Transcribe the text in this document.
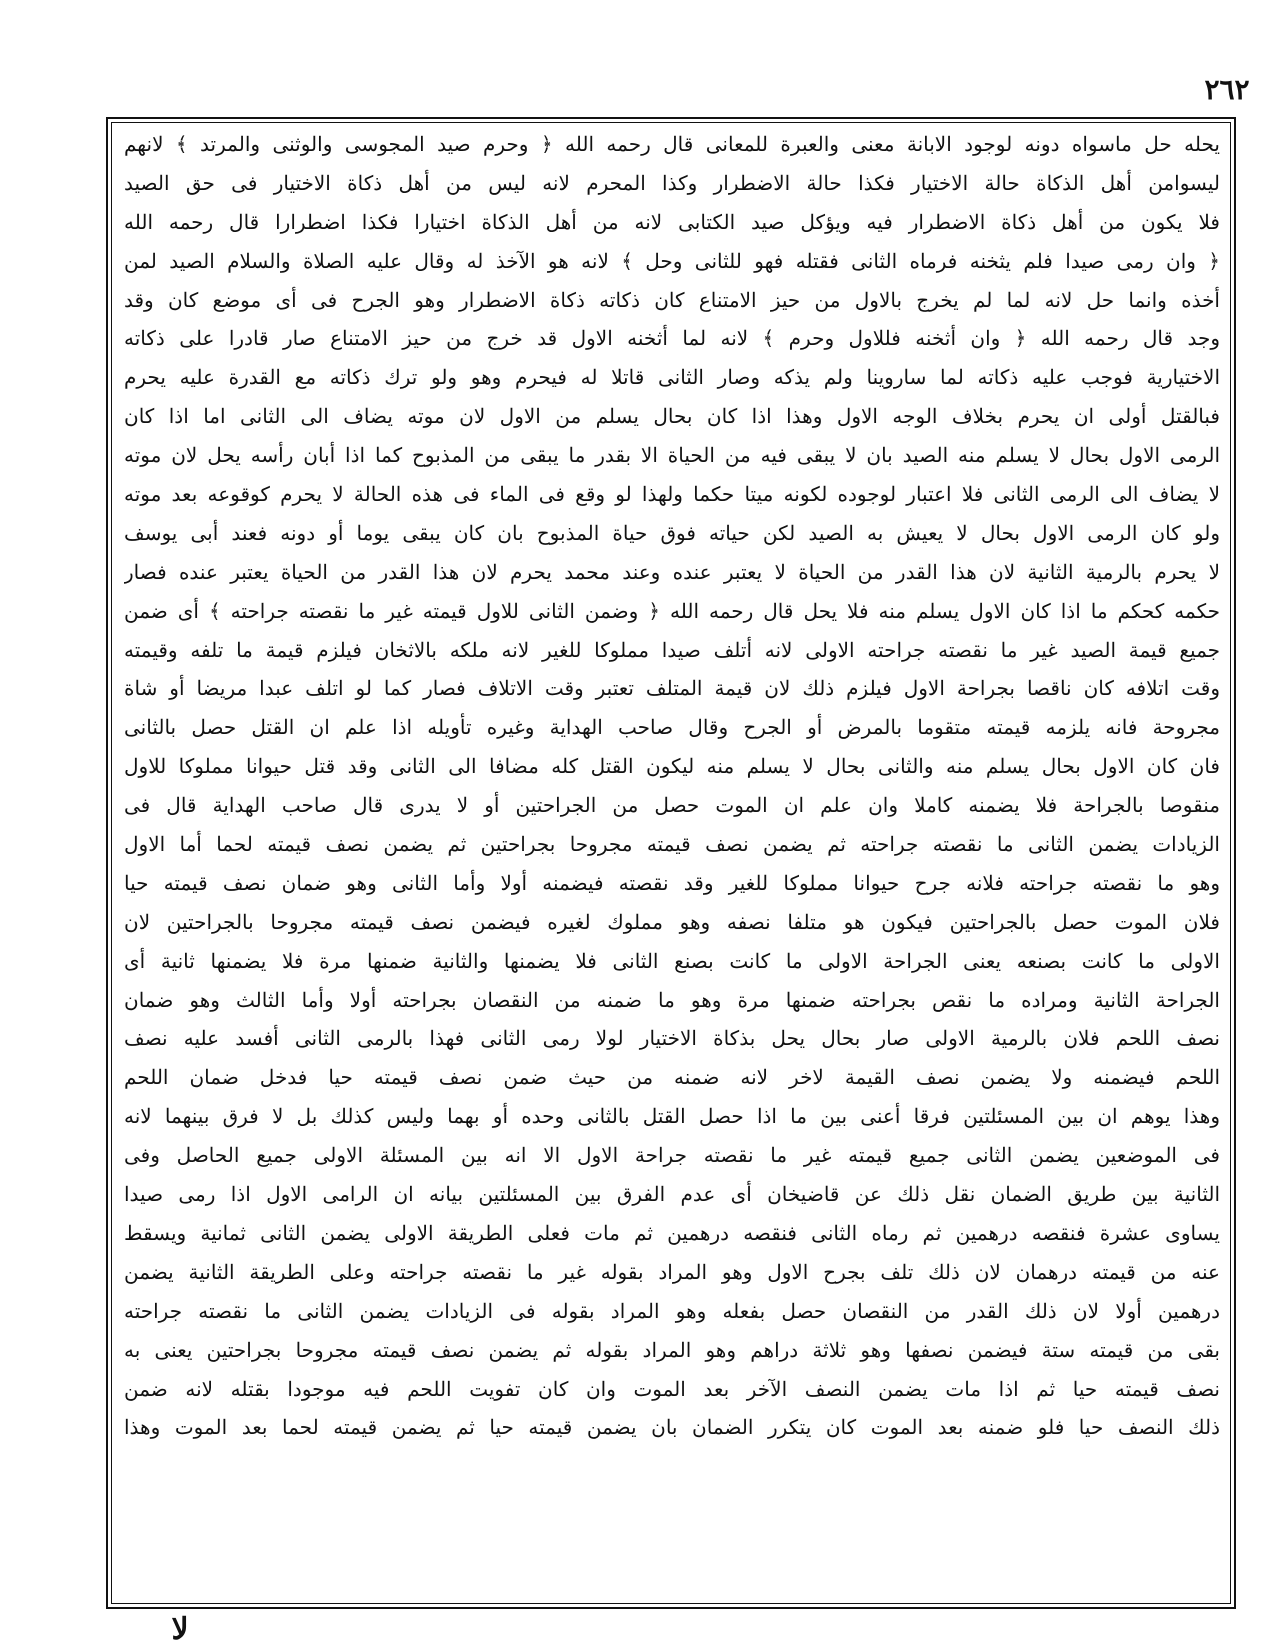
٢٦٢
يحله حل ماسواه دونه لوجود الابانة معنى والعبرة للمعانى قال رحمه الله ﴿ وحرم صيد المجوسى والوثنى والمرتد ﴾ لانهم
ليسوامن أهل الذكاة حالة الاختيار فكذا حالة الاضطرار وكذا المحرم لانه ليس من أهل ذكاة الاختيار فى حق الصيد
فلا يكون من أهل ذكاة الاضطرار فيه ويؤكل صيد الكتابى لانه من أهل الذكاة اختيارا فكذا اضطرارا قال رحمه الله
﴿ وان رمى صيدا فلم يثخنه فرماه الثانى فقتله فهو للثانى وحل ﴾ لانه هو الآخذ له وقال عليه الصلاة والسلام الصيد لمن
أخذه وانما حل لانه لما لم يخرج بالاول من حيز الامتناع كان ذكاته ذكاة الاضطرار وهو الجرح فى أى موضع كان وقد
وجد قال رحمه الله ﴿ وان أثخنه فللاول وحرم ﴾ لانه لما أثخنه الاول قد خرج من حيز الامتناع صار قادرا على ذكاته
الاختيارية فوجب عليه ذكاته لما ساروينا ولم يذكه وصار الثانى قاتلا له فيحرم وهو ولو ترك ذكاته مع القدرة عليه يحرم
فبالقتل أولى ان يحرم بخلاف الوجه الاول وهذا اذا كان بحال يسلم من الاول لان موته يضاف الى الثانى اما اذا كان
الرمى الاول بحال لا يسلم منه الصيد بان لا يبقى فيه من الحياة الا بقدر ما يبقى من المذبوح كما اذا أبان رأسه يحل لان موته
لا يضاف الى الرمى الثانى فلا اعتبار لوجوده لكونه ميتا حكما ولهذا لو وقع فى الماء فى هذه الحالة لا يحرم كوقوعه بعد موته
ولو كان الرمى الاول بحال لا يعيش به الصيد لكن حياته فوق حياة المذبوح بان كان يبقى يوما أو دونه فعند أبى يوسف
لا يحرم بالرمية الثانية لان هذا القدر من الحياة لا يعتبر عنده وعند محمد يحرم لان هذا القدر من الحياة يعتبر عنده فصار
حكمه كحكم ما اذا كان الاول يسلم منه فلا يحل قال رحمه الله ﴿ وضمن الثانى للاول قيمته غير ما نقصته جراحته ﴾ أى ضمن
جميع قيمة الصيد غير ما نقصته جراحته الاولى لانه أتلف صيدا مملوكا للغير لانه ملكه بالاثخان فيلزم قيمة ما تلفه وقيمته
وقت اتلافه كان ناقصا بجراحة الاول فيلزم ذلك لان قيمة المتلف تعتبر وقت الاتلاف فصار كما لو اتلف عبدا مريضا أو شاة
مجروحة فانه يلزمه قيمته متقوما بالمرض أو الجرح وقال صاحب الهداية وغيره تأويله اذا علم ان القتل حصل بالثانى
فان كان الاول بحال يسلم منه والثانى بحال لا يسلم منه ليكون القتل كله مضافا الى الثانى وقد قتل حيوانا مملوكا للاول
منقوصا بالجراحة فلا يضمنه كاملا وان علم ان الموت حصل من الجراحتين أو لا يدرى قال صاحب الهداية قال فى
الزيادات يضمن الثانى ما نقصته جراحته ثم يضمن نصف قيمته مجروحا بجراحتين ثم يضمن نصف قيمته لحما أما الاول
وهو ما نقصته جراحته فلانه جرح حيوانا مملوكا للغير وقد نقصته فيضمنه أولا وأما الثانى وهو ضمان نصف قيمته حيا
فلان الموت حصل بالجراحتين فيكون هو متلفا نصفه وهو مملوك لغيره فيضمن نصف قيمته مجروحا بالجراحتين لان
الاولى ما كانت بصنعه يعنى الجراحة الاولى ما كانت بصنع الثانى فلا يضمنها والثانية ضمنها مرة فلا يضمنها ثانية أى
الجراحة الثانية ومراده ما نقص بجراحته ضمنها مرة وهو ما ضمنه من النقصان بجراحته أولا وأما الثالث وهو ضمان
نصف اللحم فلان بالرمية الاولى صار بحال يحل بذكاة الاختيار لولا رمى الثانى فهذا بالرمى الثانى أفسد عليه نصف
اللحم فيضمنه ولا يضمن نصف القيمة لاخر لانه ضمنه من حيث ضمن نصف قيمته حيا فدخل ضمان اللحم
وهذا يوهم ان بين المسئلتين فرقا أعنى بين ما اذا حصل القتل بالثانى وحده أو بهما وليس كذلك بل لا فرق بينهما لانه
فى الموضعين يضمن الثانى جميع قيمته غير ما نقصته جراحة الاول الا انه بين المسئلة الاولى جميع الحاصل وفى
الثانية بين طريق الضمان نقل ذلك عن قاضيخان أى عدم الفرق بين المسئلتين بيانه ان الرامى الاول اذا رمى صيدا
يساوى عشرة فنقصه درهمين ثم رماه الثانى فنقصه درهمين ثم مات فعلى الطريقة الاولى يضمن الثانى ثمانية ويسقط
عنه من قيمته درهمان لان ذلك تلف بجرح الاول وهو المراد بقوله غير ما نقصته جراحته وعلى الطريقة الثانية يضمن
درهمين أولا لان ذلك القدر من النقصان حصل بفعله وهو المراد بقوله فى الزيادات يضمن الثانى ما نقصته جراحته
بقى من قيمته ستة فيضمن نصفها وهو ثلاثة دراهم وهو المراد بقوله ثم يضمن نصف قيمته مجروحا بجراحتين يعنى به
نصف قيمته حيا ثم اذا مات يضمن النصف الآخر بعد الموت وان كان تفويت اللحم فيه موجودا بقتله لانه ضمن
ذلك النصف حيا فلو ضمنه بعد الموت كان يتكرر الضمان بان يضمن قيمته حيا ثم يضمن قيمته لحما بعد الموت وهذا
لا
